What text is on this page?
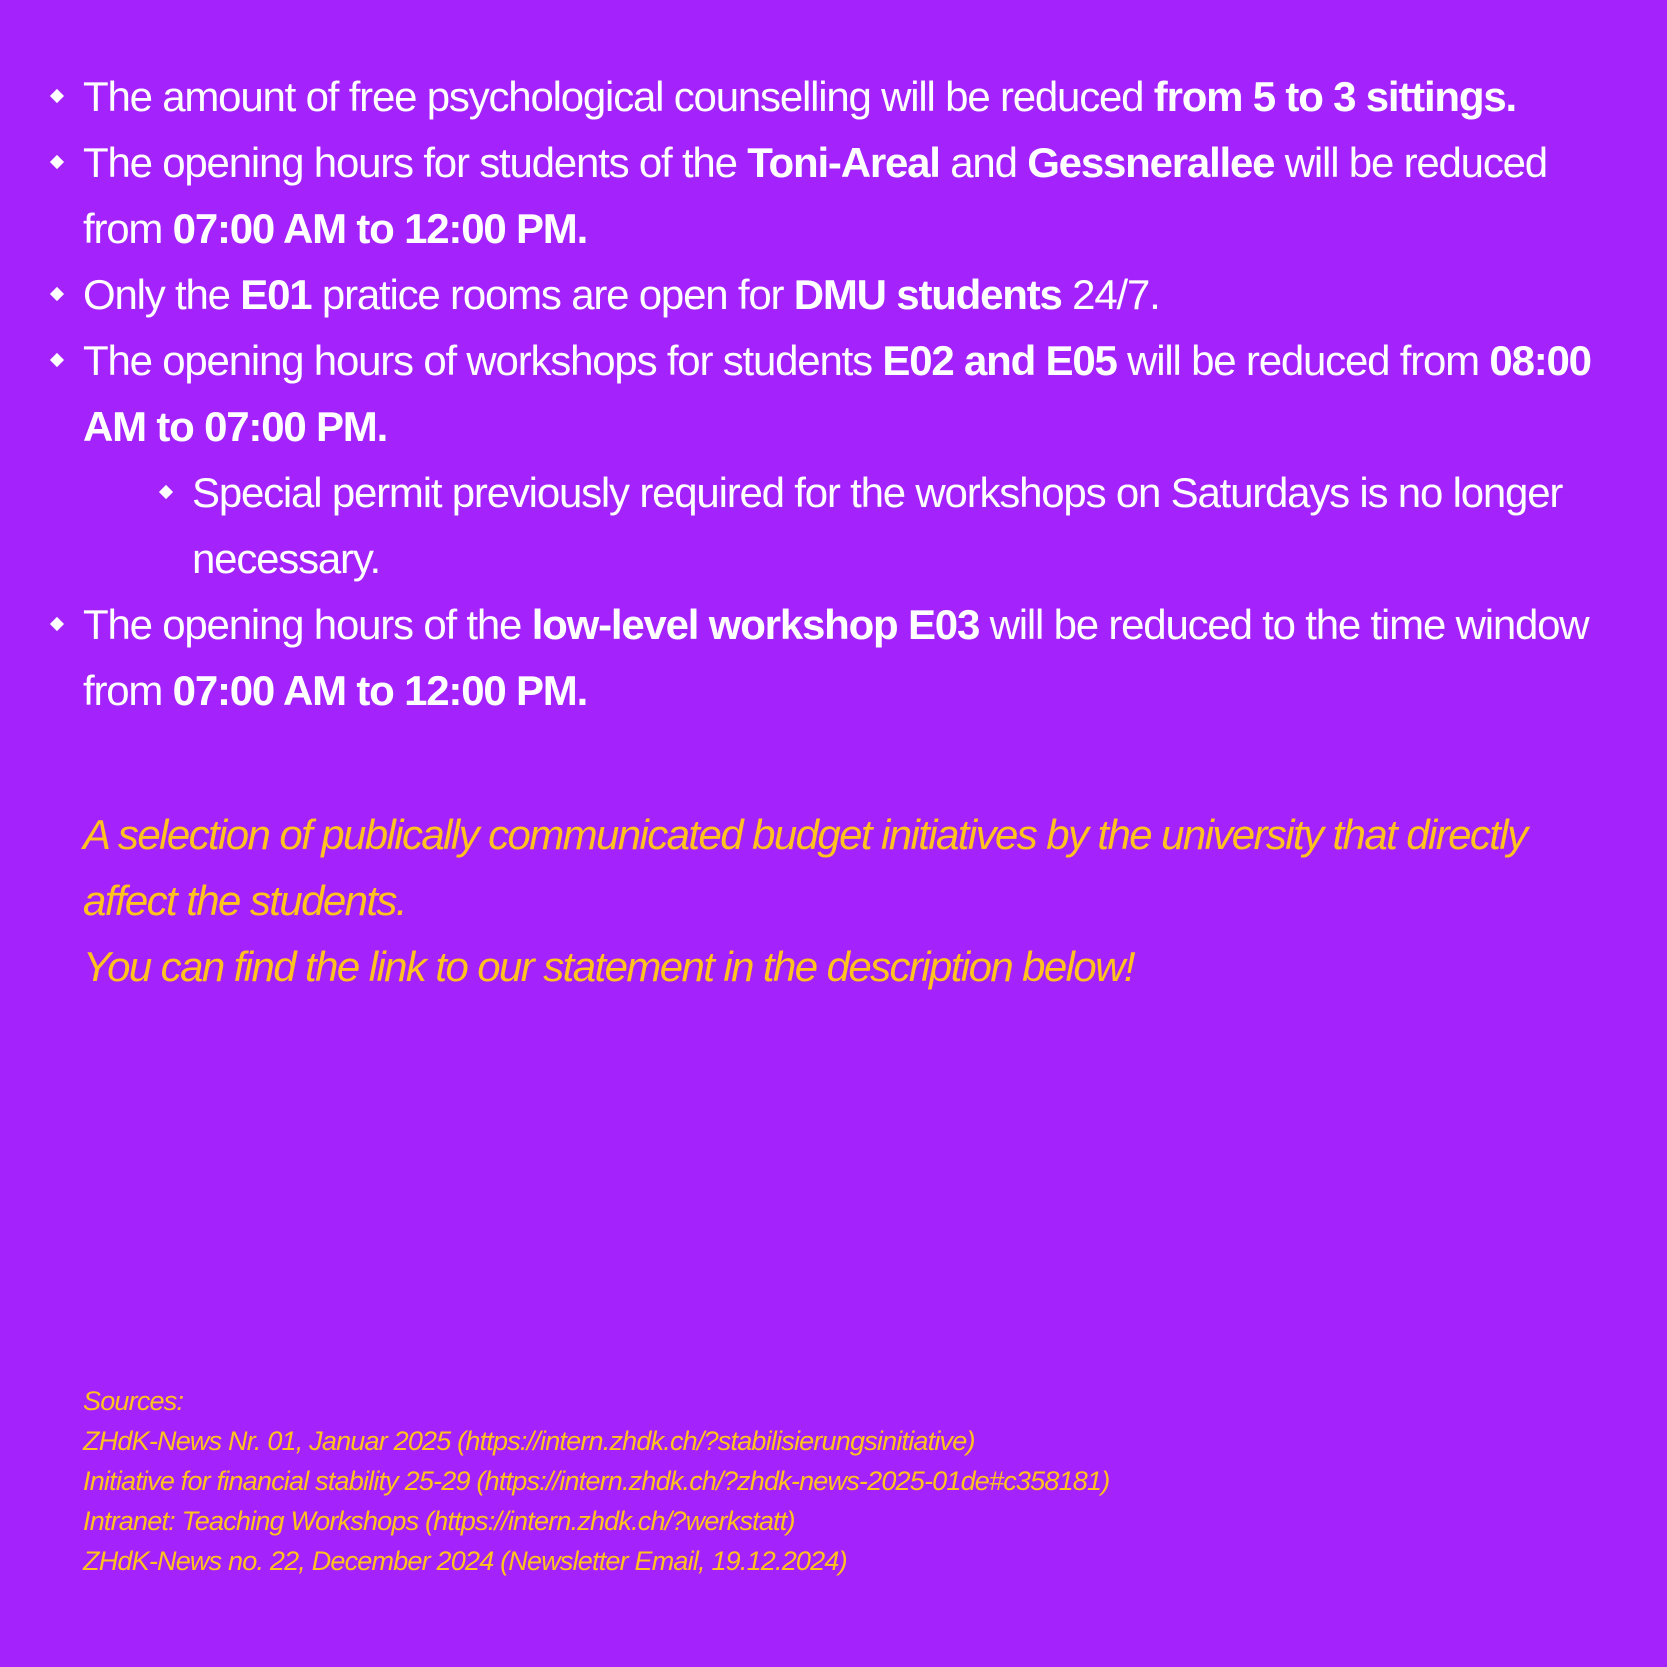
The amount of free psychological counselling will be reduced from 5 to 3 sittings.
The opening hours for students of the Toni-Areal and Gessnerallee will be reduced from 07:00 AM to 12:00 PM.
Only the E01 pratice rooms are open for DMU students 24/7.
The opening hours of workshops for students E02 and E05 will be reduced from 08:00 AM to 07:00 PM.
Special permit previously required for the workshops on Saturdays is no longer necessary.
The opening hours of the low-level workshop E03 will be reduced to the time window from 07:00 AM to 12:00 PM.

A selection of publically communicated budget initiatives by the university that directly affect the students.

You can find the link to our statement in the description below!

Sources:
ZHdK-News Nr. 01, Januar 2025 (https://intern.zhdk.ch/?stabilisierungsinitiative)
Initiative for financial stability 25-29 (https://intern.zhdk.ch/?zhdk-news-2025-01de#c358181)
Intranet: Teaching Workshops (https://intern.zhdk.ch/?werkstatt)
ZHdK-News no. 22, December 2024 (Newsletter Email, 19.12.2024)
